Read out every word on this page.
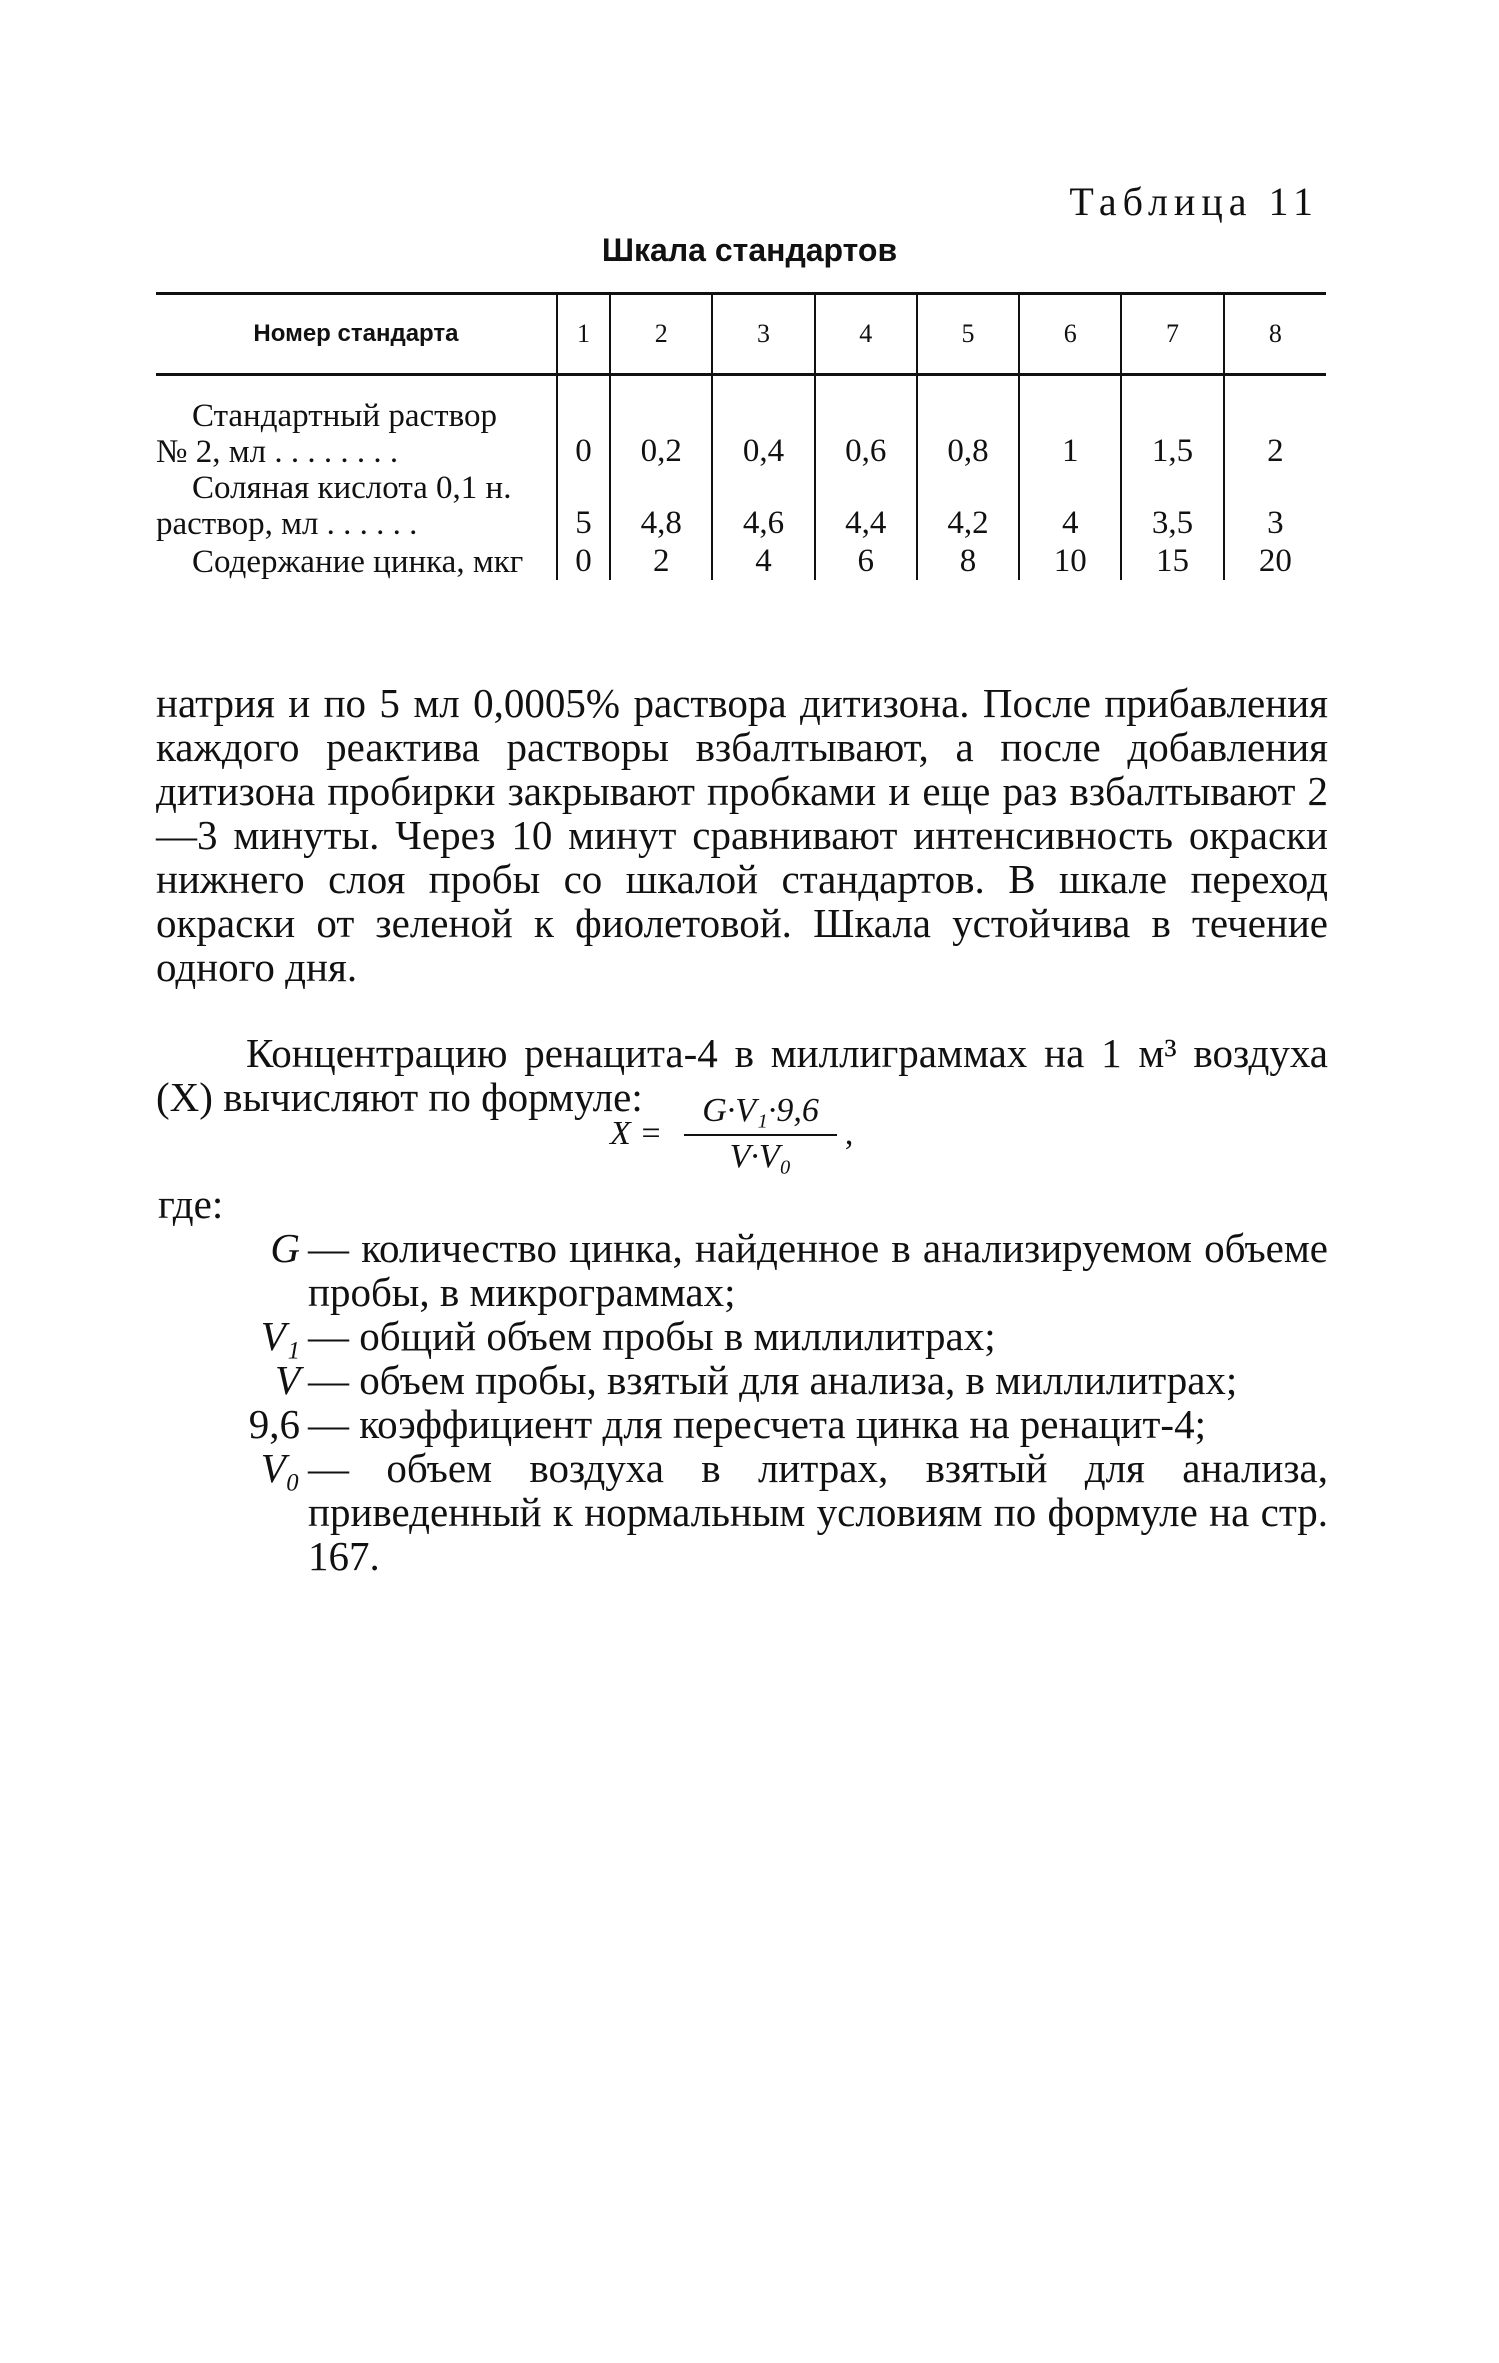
Таблица 11
Шкала стандартов
Номер стандарта	1	2	3	4	5	6	7	8

Стандартный раствор
№ 2, мл . . . . . . . .	0	0,2	0,4	0,6	0,8	1	1,5	2
Соляная кислота 0,1 н.
раствор, мл . . . . . .	5	4,8	4,6	4,4	4,2	4	3,5	3
Содержание цинка, мкг	0	2	4	6	8	10	15	20

натрия и по 5 мл 0,0005% раствора дитизона. После прибавления каждого реактива растворы взбалтывают, а после добавления дитизона пробирки закрывают пробками и еще раз взбалтывают 2—3 минуты. Через 10 минут сравнивают интенсивность окраски нижнего слоя пробы со шкалой стандартов. В шкале переход окраски от зеленой к фиолетовой. Шкала устойчива в течение одного дня.

Концентрацию ренацита-4 в миллиграммах на 1 м³ воздуха (X) вычисляют по формуле:

$X = \frac{\text{G·V₁·9,6}}{\text{V·V₀}}$ ,
где:
G — количество цинка, найденное в анализируемом объеме пробы, в микрограммах;
V₁ — общий объем пробы в миллилитрах;
V — объем пробы, взятый для анализа, в миллилитрах;
9,6 — коэффициент для пересчета цинка на ренацит-4;
V₀ — объем воздуха в литрах, взятый для анализа, приведенный к нормальным условиям по формуле на стр. 167.
